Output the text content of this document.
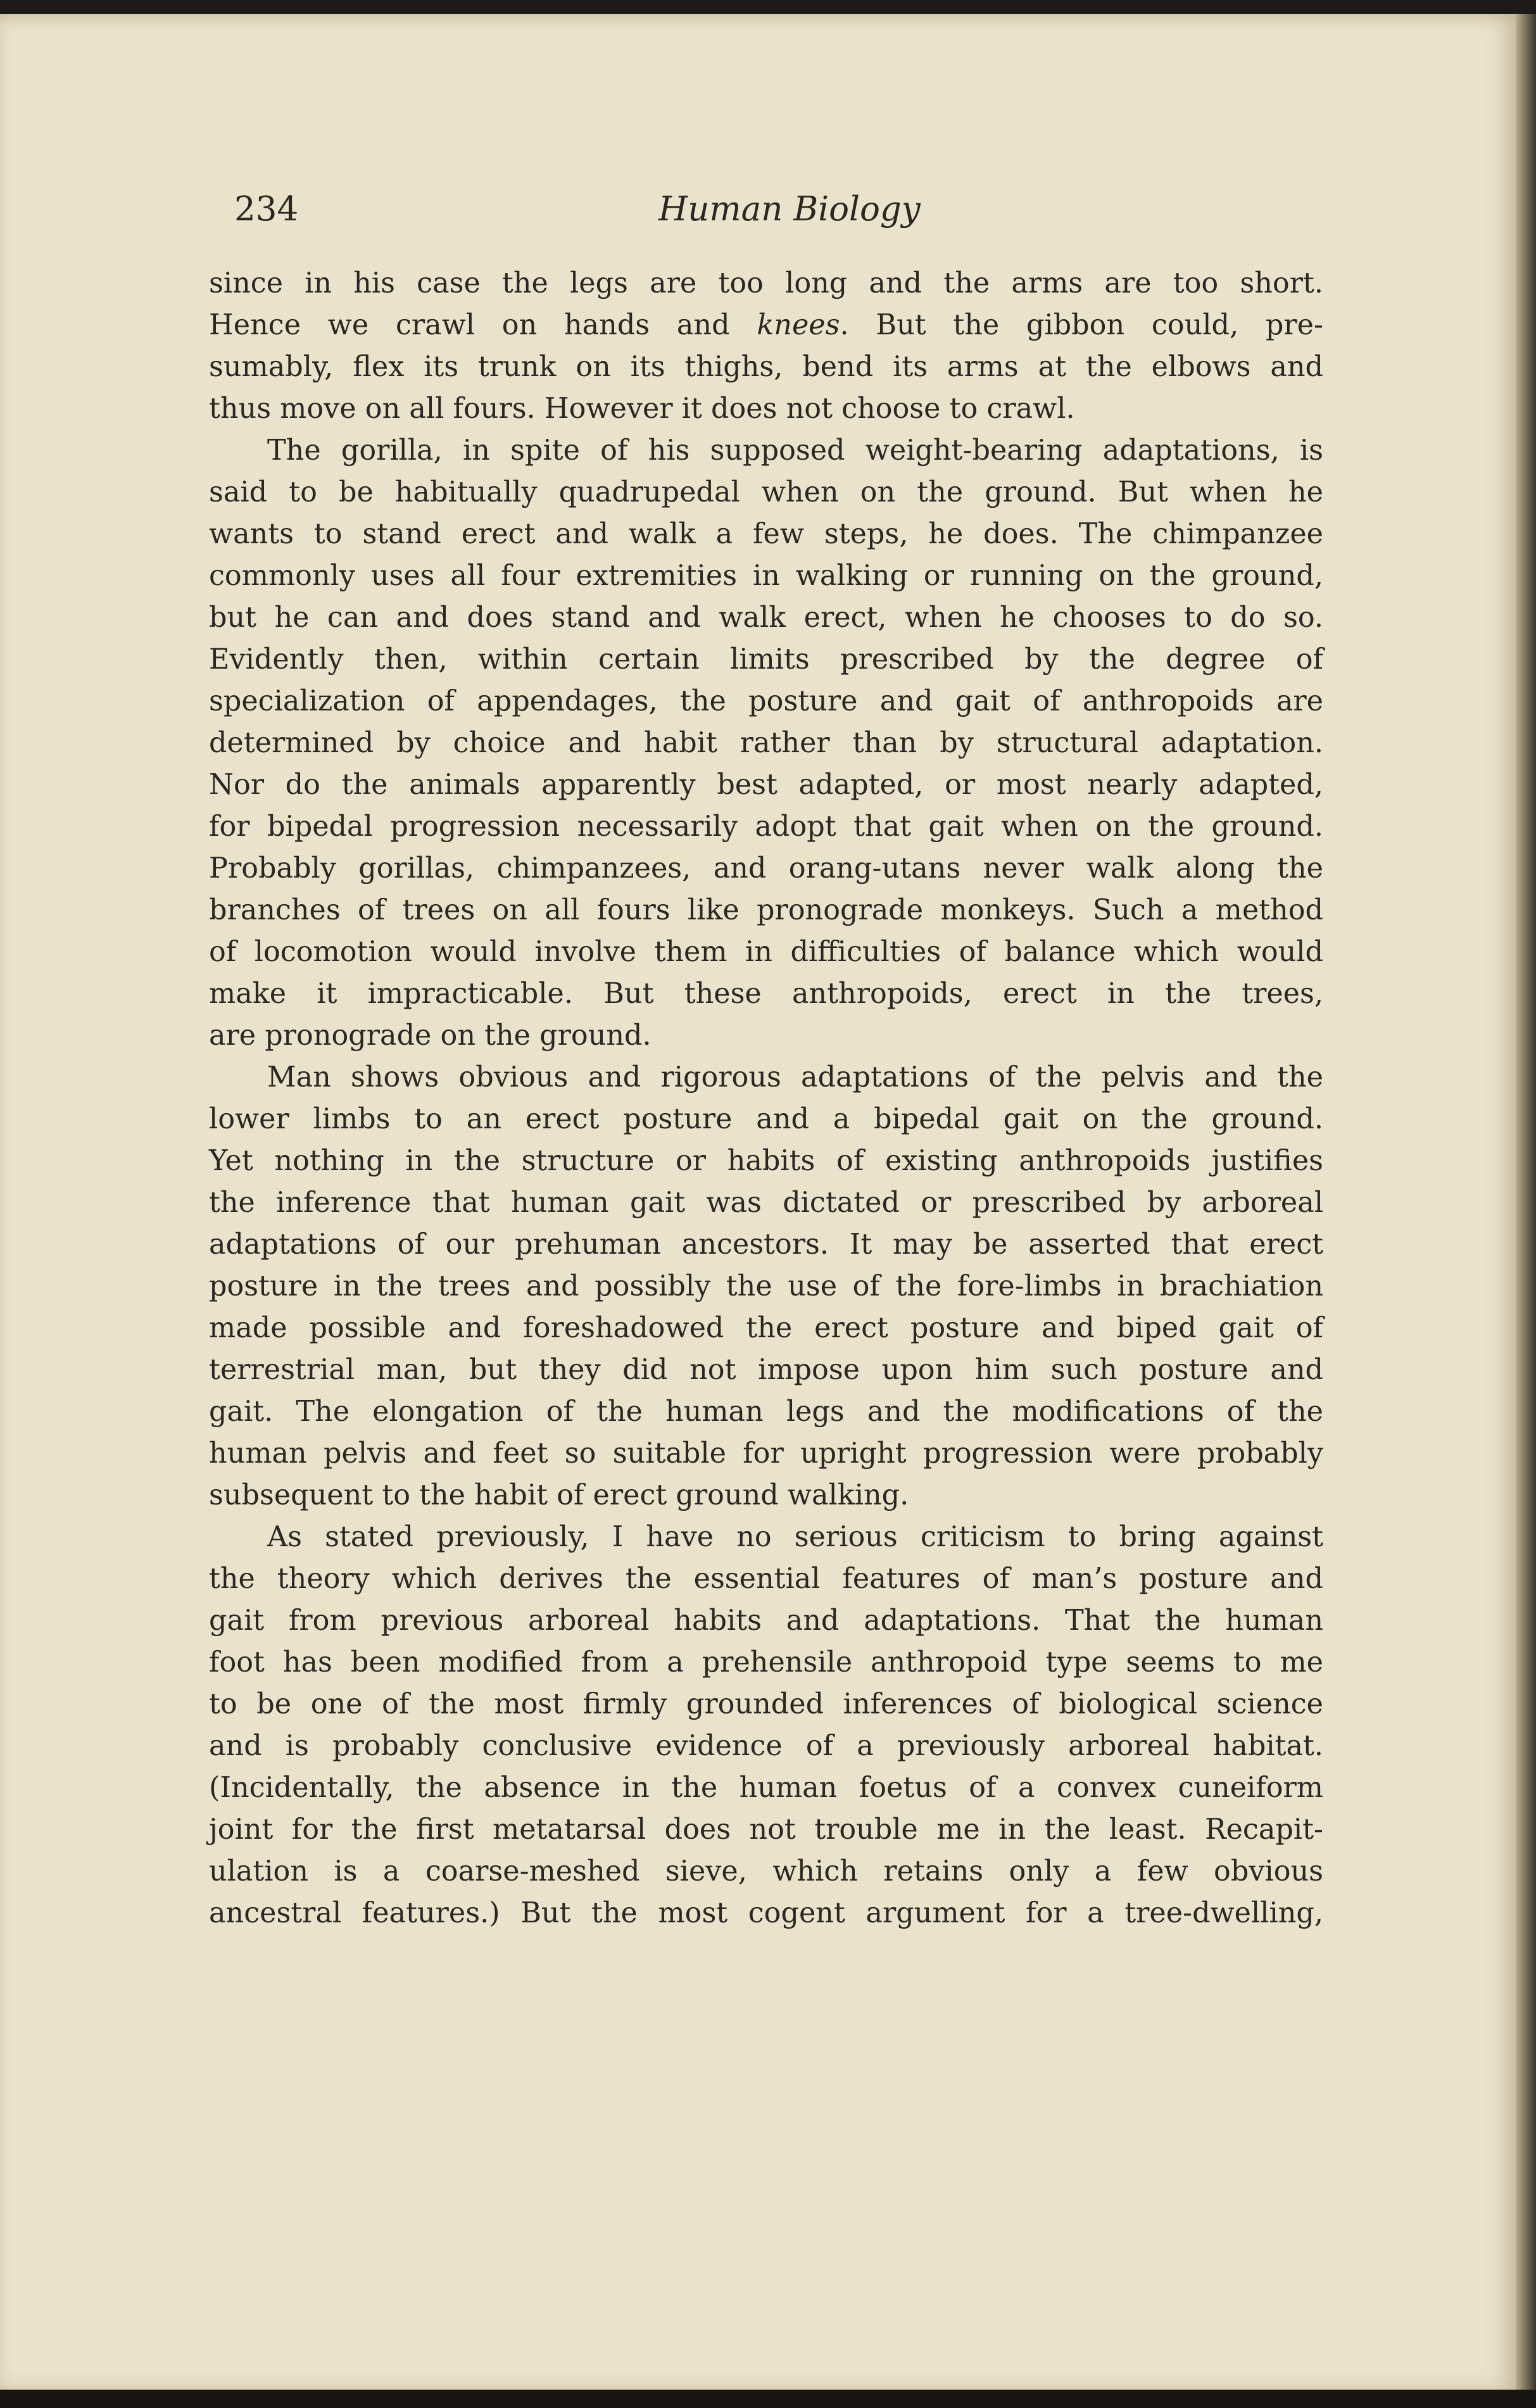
234	Human Biology
since in his case the legs are too long and the arms are too short.
Hence we crawl on hands and knees. But the gibbon could, pre-
sumably, flex its trunk on its thighs, bend its arms at the elbows and
thus move on all fours. However it does not choose to crawl.
The gorilla, in spite of his supposed weight-bearing adaptations, is
said to be habitually quadrupedal when on the ground. But when he
wants to stand erect and walk a few steps, he does. The chimpanzee
commonly uses all four extremities in walking or running on the ground,
but he can and does stand and walk erect, when he chooses to do so.
Evidently then, within certain limits prescribed by the degree of
specialization of appendages, the posture and gait of anthropoids are
determined by choice and habit rather than by structural adaptation.
Nor do the animals apparently best adapted, or most nearly adapted,
for bipedal progression necessarily adopt that gait when on the ground.
Probably gorillas, chimpanzees, and orang-utans never walk along the
branches of trees on all fours like pronograde monkeys. Such a method
of locomotion would involve them in difficulties of balance which would
make it impracticable. But these anthropoids, erect in the trees,
are pronograde on the ground.
Man shows obvious and rigorous adaptations of the pelvis and the
lower limbs to an erect posture and a bipedal gait on the ground.
Yet nothing in the structure or habits of existing anthropoids justifies
the inference that human gait was dictated or prescribed by arboreal
adaptations of our prehuman ancestors. It may be asserted that erect
posture in the trees and possibly the use of the fore-limbs in brachiation
made possible and foreshadowed the erect posture and biped gait of
terrestrial man, but they did not impose upon him such posture and
gait. The elongation of the human legs and the modifications of the
human pelvis and feet so suitable for upright progression were probably
subsequent to the habit of erect ground walking.
As stated previously, I have no serious criticism to bring against
the theory which derives the essential features of man’s posture and
gait from previous arboreal habits and adaptations. That the human
foot has been modified from a prehensile anthropoid type seems to me
to be one of the most firmly grounded inferences of biological science
and is probably conclusive evidence of a previously arboreal habitat.
(Incidentally, the absence in the human foetus of a convex cuneiform
joint for the first metatarsal does not trouble me in the least. Recapit-
ulation is a coarse-meshed sieve, which retains only a few obvious
ancestral features.) But the most cogent argument for a tree-dwelling,
